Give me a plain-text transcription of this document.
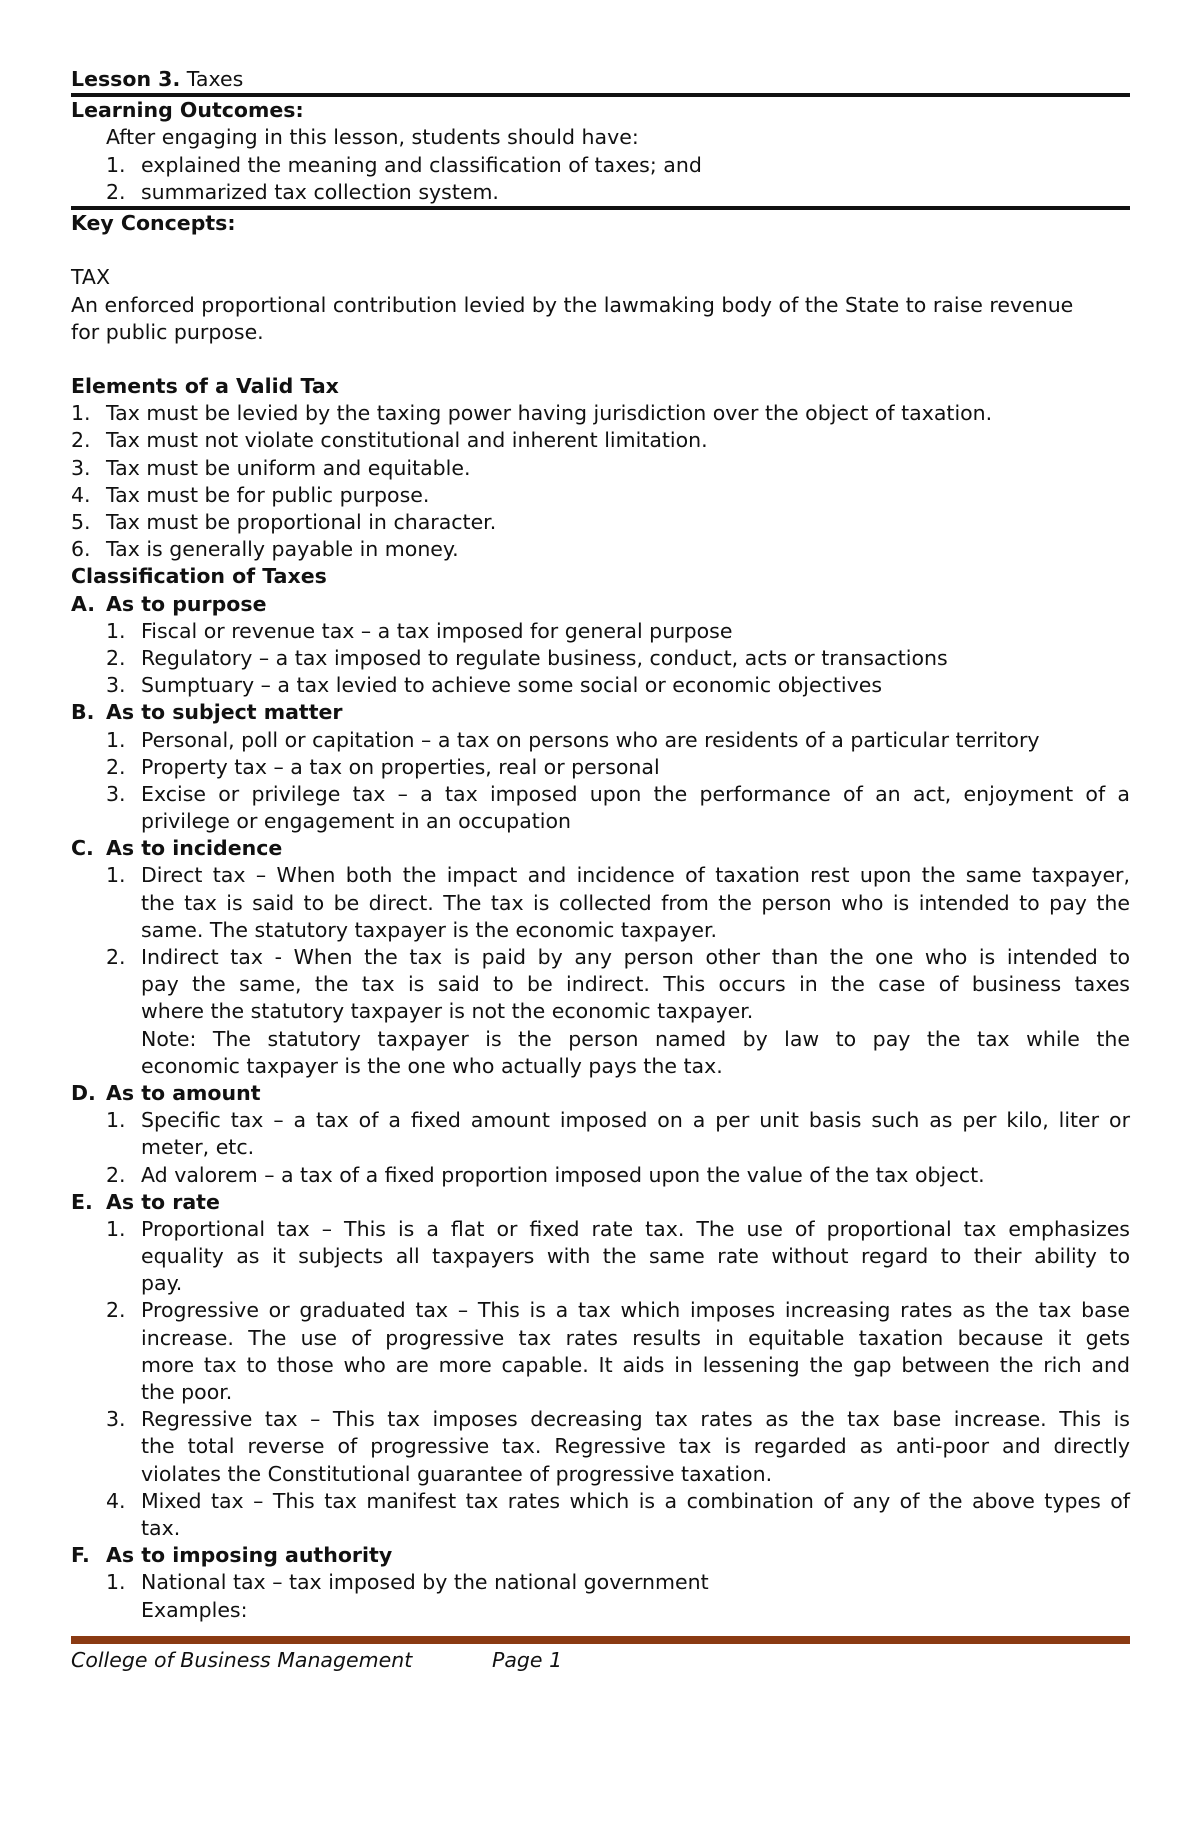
Lesson 3. Taxes
Learning Outcomes:
After engaging in this lesson, students should have:
1. explained the meaning and classification of taxes; and
2. summarized tax collection system.
Key Concepts:
TAX
An enforced proportional contribution levied by the lawmaking body of the State to raise revenue
for public purpose.
Elements of a Valid Tax
1. Tax must be levied by the taxing power having jurisdiction over the object of taxation.
2. Tax must not violate constitutional and inherent limitation.
3. Tax must be uniform and equitable.
4. Tax must be for public purpose.
5. Tax must be proportional in character.
6. Tax is generally payable in money.
Classification of Taxes
A. As to purpose
1. Fiscal or revenue tax – a tax imposed for general purpose
2. Regulatory – a tax imposed to regulate business, conduct, acts or transactions
3. Sumptuary – a tax levied to achieve some social or economic objectives
B. As to subject matter
1. Personal, poll or capitation – a tax on persons who are residents of a particular territory
2. Property tax – a tax on properties, real or personal
3. Excise or privilege tax – a tax imposed upon the performance of an act, enjoyment of a
privilege or engagement in an occupation
C. As to incidence
1. Direct tax – When both the impact and incidence of taxation rest upon the same taxpayer,
the tax is said to be direct. The tax is collected from the person who is intended to pay the
same. The statutory taxpayer is the economic taxpayer.
2. Indirect tax - When the tax is paid by any person other than the one who is intended to
pay the same, the tax is said to be indirect. This occurs in the case of business taxes
where the statutory taxpayer is not the economic taxpayer.
Note: The statutory taxpayer is the person named by law to pay the tax while the
economic taxpayer is the one who actually pays the tax.
D. As to amount
1. Specific tax – a tax of a fixed amount imposed on a per unit basis such as per kilo, liter or
meter, etc.
2. Ad valorem – a tax of a fixed proportion imposed upon the value of the tax object.
E. As to rate
1. Proportional tax – This is a flat or fixed rate tax. The use of proportional tax emphasizes
equality as it subjects all taxpayers with the same rate without regard to their ability to
pay.
2. Progressive or graduated tax – This is a tax which imposes increasing rates as the tax base
increase. The use of progressive tax rates results in equitable taxation because it gets
more tax to those who are more capable. It aids in lessening the gap between the rich and
the poor.
3. Regressive tax – This tax imposes decreasing tax rates as the tax base increase. This is
the total reverse of progressive tax. Regressive tax is regarded as anti-poor and directly
violates the Constitutional guarantee of progressive taxation.
4. Mixed tax – This tax manifest tax rates which is a combination of any of the above types of
tax.
F. As to imposing authority
1. National tax – tax imposed by the national government
Examples:
College of Business Management	Page 1
